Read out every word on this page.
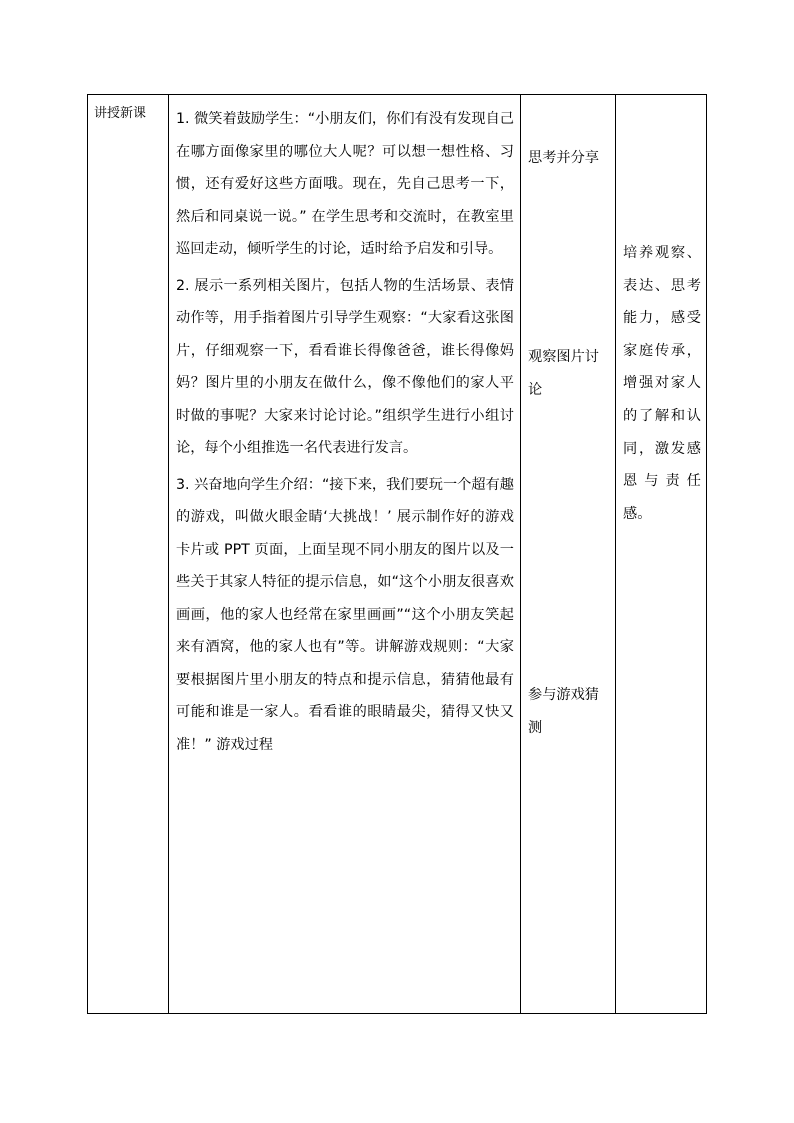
讲授新课 1. 微笑着鼓励学生：“小朋友们，你们有没有发现自己在哪方面像家里的哪位大人呢？可以想一想性格、习惯，还有爱好这些方面哦。现在，先自己思考一下，然后和同桌说一说。” 在学生思考和交流时，在教室里巡回走动，倾听学生的讨论，适时给予启发和引导。

2. 展示一系列相关图片，包括人物的生活场景、表情动作等，用手指着图片引导学生观察：“大家看这张图片，仔细观察一下，看看谁长得像爸爸，谁长得像妈妈？图片里的小朋友在做什么，像不像他们的家人平时做的事呢？大家来讨论讨论。”组织学生进行小组讨论，每个小组推选一名代表进行发言。

3. 兴奋地向学生介绍：“接下来，我们要玩一个超有趣的游戏，叫做火眼金睛‘大挑战！’ 展示制作好的游戏卡片或 PPT 页面，上面呈现不同小朋友的图片以及一些关于其家人特征的提示信息，如“这个小朋友很喜欢画画，他的家人也经常在家里画画”“这个小朋友笑起来有酒窝，他的家人也有”等。讲解游戏规则：“大家要根据图片里小朋友的特点和提示信息，猜猜他最有可能和谁是一家人。看看谁的眼睛最尖，猜得又快又准！” 游戏过程

思考并分享
观察图片讨论
参与游戏猜测
培养观察、表达、思考能力，感受家庭传承，增强对家人的了解和认同，激发感恩与责任感。
